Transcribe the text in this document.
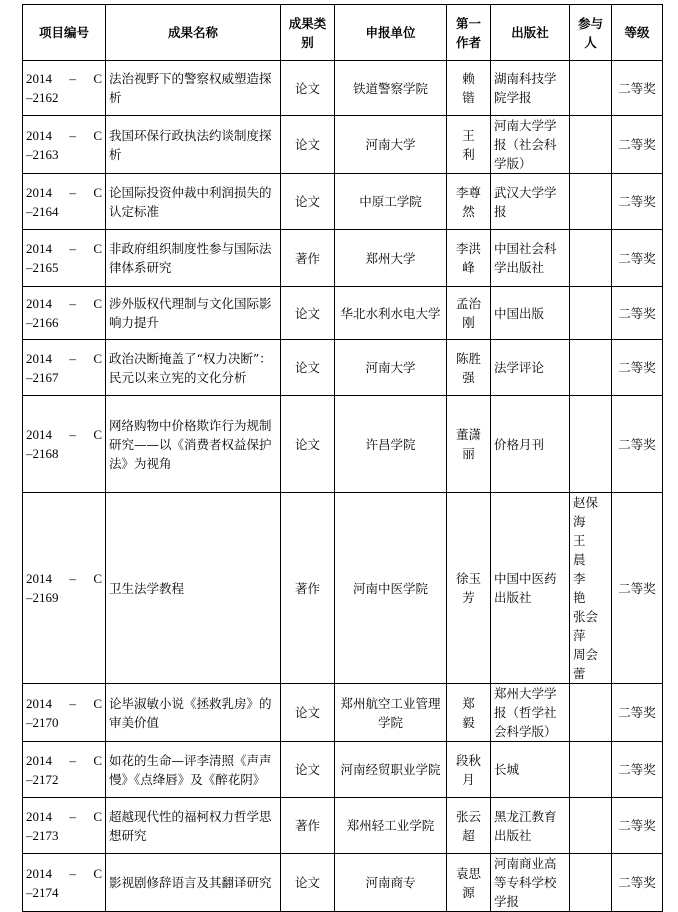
项目编号	成果名称	成果类别	申报单位	第一作者	出版社	参与人	等级

2014 – C
–2162	法治视野下的警察权威塑造探析	论文	铁道警察学院	赖　锴	湖南科技学院学报		二等奖

2014 – C
–2163	我国环保行政执法约谈制度探析	论文	河南大学	王　利	河南大学学报（社会科学版）		二等奖

2014 – C
–2164	论国际投资仲裁中利润损失的认定标准	论文	中原工学院	李尊然	武汉大学学报		二等奖

2014 – C
–2165	非政府组织制度性参与国际法律体系研究	著作	郑州大学	李洪峰	中国社会科学出版社		二等奖

2014 – C
–2166	涉外版权代理制与文化国际影响力提升	论文	华北水利水电大学	孟治刚	中国出版		二等奖

2014 – C
–2167	政治决断掩盖了“权力决断”：民元以来立宪的文化分析	论文	河南大学	陈胜强	法学评论		二等奖

2014 – C
–2168	网络购物中价格欺诈行为规制研究——以《消费者权益保护法》为视角	论文	许昌学院	董潇丽	价格月刊		二等奖

2014 – C
–2169	卫生法学教程	著作	河南中医学院	徐玉芳	中国中医药出版社	赵保海
王　晨
李　艳
张会萍
周会蕾	二等奖

2014 – C
–2170	论毕淑敏小说《拯救乳房》的审美价值	论文	郑州航空工业管理学院	郑　毅	郑州大学学报（哲学社会科学版）		二等奖

2014 – C
–2172	如花的生命—评李清照《声声慢》《点绛唇》及《醉花阴》	论文	河南经贸职业学院	段秋月	长城		二等奖

2014 – C
–2173	超越现代性的福柯权力哲学思想研究	著作	郑州轻工业学院	张云超	黑龙江教育出版社		二等奖

2014 – C
–2174	影视剧修辞语言及其翻译研究	论文	河南商专	袁思源	河南商业高等专科学校学报		二等奖
